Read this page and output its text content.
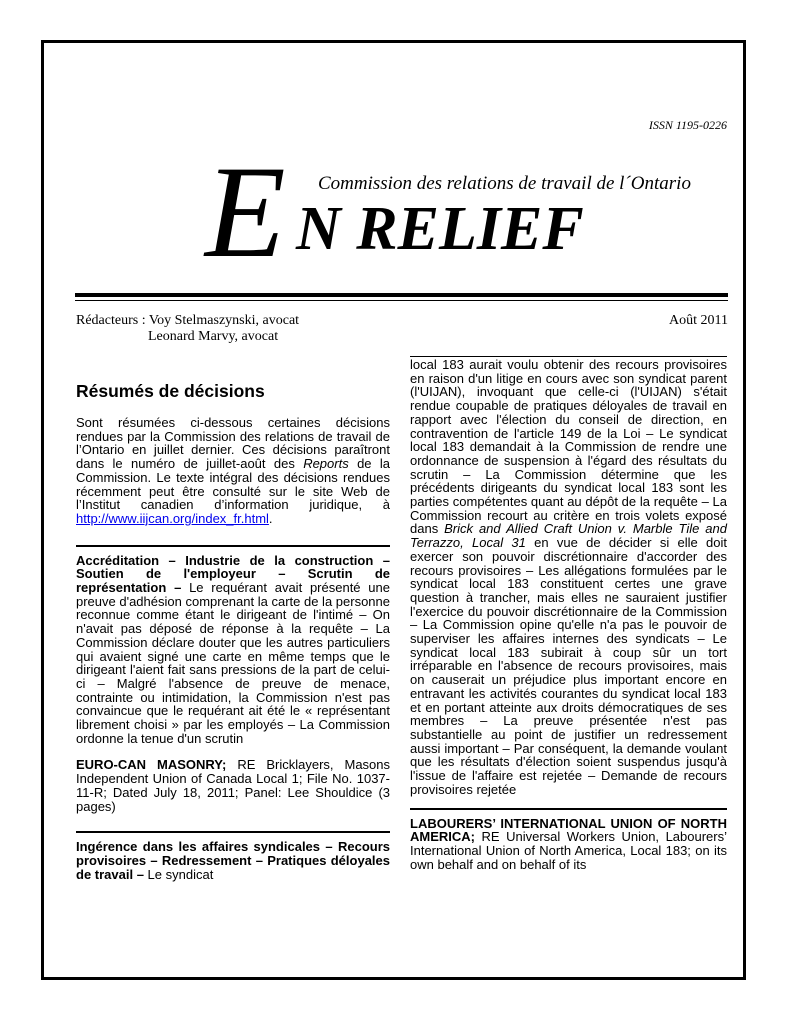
ISSN 1195-0226
E Commission des relations de travail de l´Ontario
N RELIEF
Rédacteurs : Voy Stelmaszynski, avocat
Leonard Marvy, avocat
Août 2011
Résumés de décisions

Sont résumées ci-dessous certaines décisions rendues par la Commission des relations de travail de l’Ontario en juillet dernier. Ces décisions paraîtront dans le numéro de juillet-août des Reports de la Commission. Le texte intégral des décisions rendues récemment peut être consulté sur le site Web de l’Institut canadien d’information juridique, à http://www.iijcan.org/index_fr.html.

Accréditation – Industrie de la construction – Soutien de l'employeur – Scrutin de représentation – Le requérant avait présenté une preuve d'adhésion comprenant la carte de la personne reconnue comme étant le dirigeant de l'intimé – On n'avait pas déposé de réponse à la requête – La Commission déclare douter que les autres particuliers qui avaient signé une carte en même temps que le dirigeant l'aient fait sans pressions de la part de celui-ci – Malgré l'absence de preuve de menace, contrainte ou intimidation, la Commission n'est pas convaincue que le requérant ait été le « représentant librement choisi » par les employés – La Commission ordonne la tenue d'un scrutin

EURO-CAN MASONRY; RE Bricklayers, Masons Independent Union of Canada Local 1; File No. 1037-11-R; Dated July 18, 2011; Panel: Lee Shouldice (3 pages)

Ingérence dans les affaires syndicales – Recours provisoires – Redressement – Pratiques déloyales de travail – Le syndicat

local 183 aurait voulu obtenir des recours provisoires en raison d'un litige en cours avec son syndicat parent (l'UIJAN), invoquant que celle-ci (l'UIJAN) s'était rendue coupable de pratiques déloyales de travail en rapport avec l'élection du conseil de direction, en contravention de l'article 149 de la Loi – Le syndicat local 183 demandait à la Commission de rendre une ordonnance de suspension à l'égard des résultats du scrutin – La Commission détermine que les précédents dirigeants du syndicat local 183 sont les parties compétentes quant au dépôt de la requête – La Commission recourt au critère en trois volets exposé dans Brick and Allied Craft Union v. Marble Tile and Terrazzo, Local 31 en vue de décider si elle doit exercer son pouvoir discrétionnaire d'accorder des recours provisoires – Les allégations formulées par le syndicat local 183 constituent certes une grave question à trancher, mais elles ne sauraient justifier l'exercice du pouvoir discrétionnaire de la Commission – La Commission opine qu'elle n'a pas le pouvoir de superviser les affaires internes des syndicats – Le syndicat local 183 subirait à coup sûr un tort irréparable en l'absence de recours provisoires, mais on causerait un préjudice plus important encore en entravant les activités courantes du syndicat local 183 et en portant atteinte aux droits démocratiques de ses membres – La preuve présentée n'est pas substantielle au point de justifier un redressement aussi important – Par conséquent, la demande voulant que les résultats d'élection soient suspendus jusqu'à l'issue de l'affaire est rejetée – Demande de recours provisoires rejetée

LABOURERS’ INTERNATIONAL UNION OF NORTH AMERICA; RE Universal Workers Union, Labourers’ International Union of North America, Local 183; on its own behalf and on behalf of its
